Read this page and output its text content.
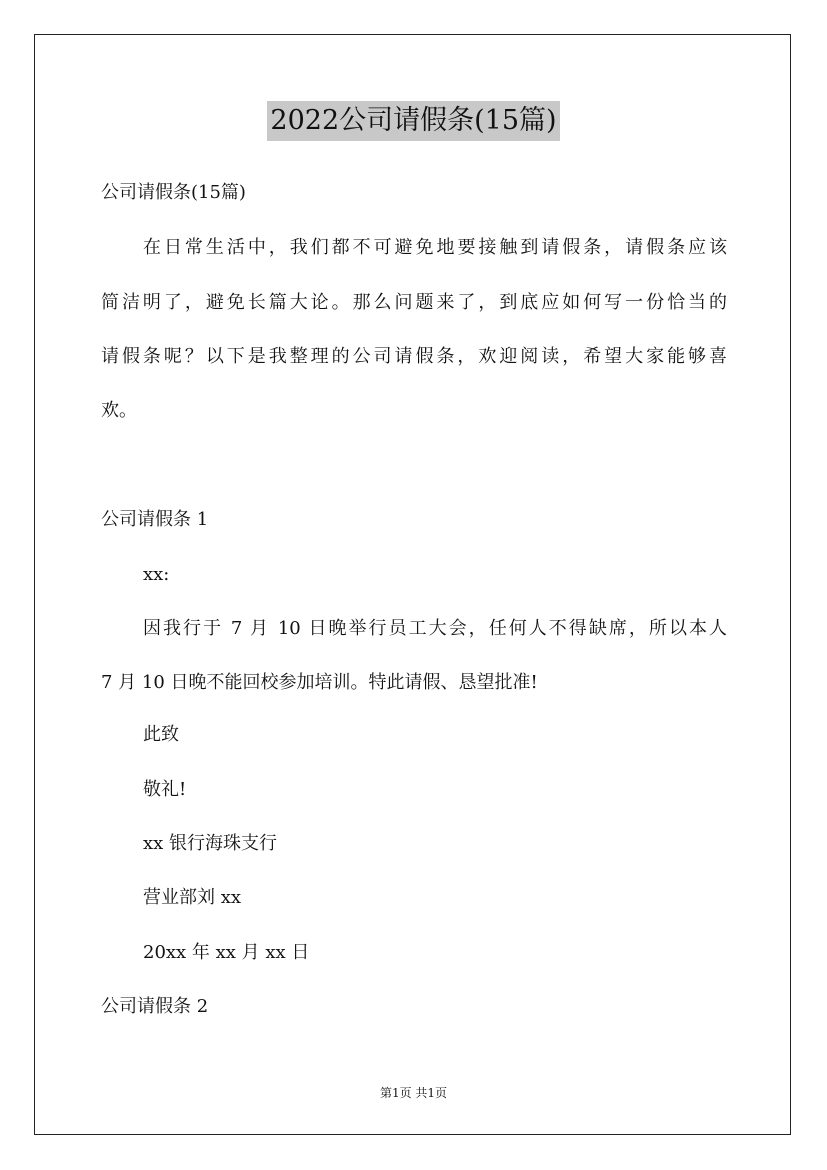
2022公司请假条(15篇)
公司请假条(15篇)
在日常生活中，我们都不可避免地要接触到请假条，请假条应该
简洁明了，避免长篇大论。那么问题来了，到底应如何写一份恰当的
请假条呢？以下是我整理的公司请假条，欢迎阅读，希望大家能够喜
欢。
公司请假条 1
xx:
因我行于 7 月 10 日晚举行员工大会，任何人不得缺席，所以本人
7 月 10 日晚不能回校参加培训。特此请假、恳望批准!
此致
敬礼!
xx 银行海珠支行
营业部刘 xx
20xx 年 xx 月 xx 日
公司请假条 2
第1页 共1页
